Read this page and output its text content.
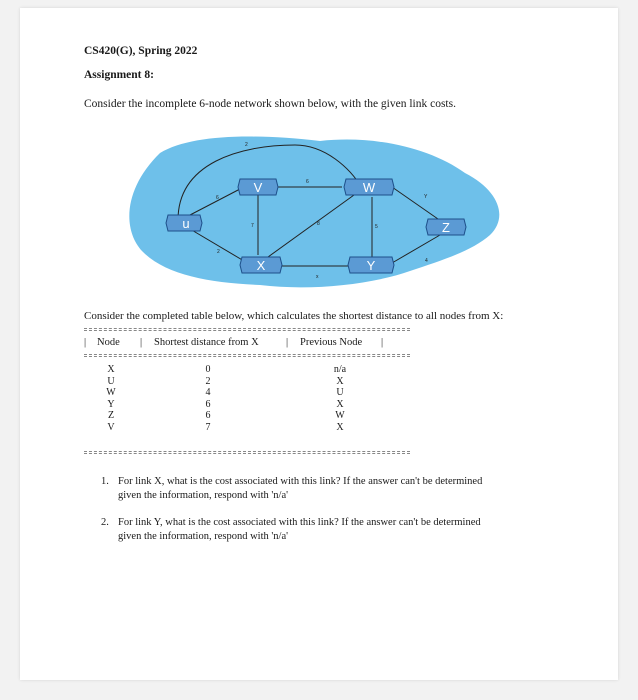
CS420(G), Spring 2022
Assignment 8:
Consider the incomplete 6-node network shown below, with the given link costs.
2
6
2
7
6
8
x
5
Y
4
u
V	W
X	Y
Z
Consider the completed table below, which calculates the shortest distance to all nodes from X:
| Node | Shortest distance from X	| Previous Node |
X	0	n/a
U	2	X
W	4	U
Y	6	X
Z	6	W
V	7	X
1. For link X, what is the cost associated with this link? If the answer can't be determined
given the information, respond with 'n/a'
2. For link Y, what is the cost associated with this link? If the answer can't be determined
given the information, respond with 'n/a'
